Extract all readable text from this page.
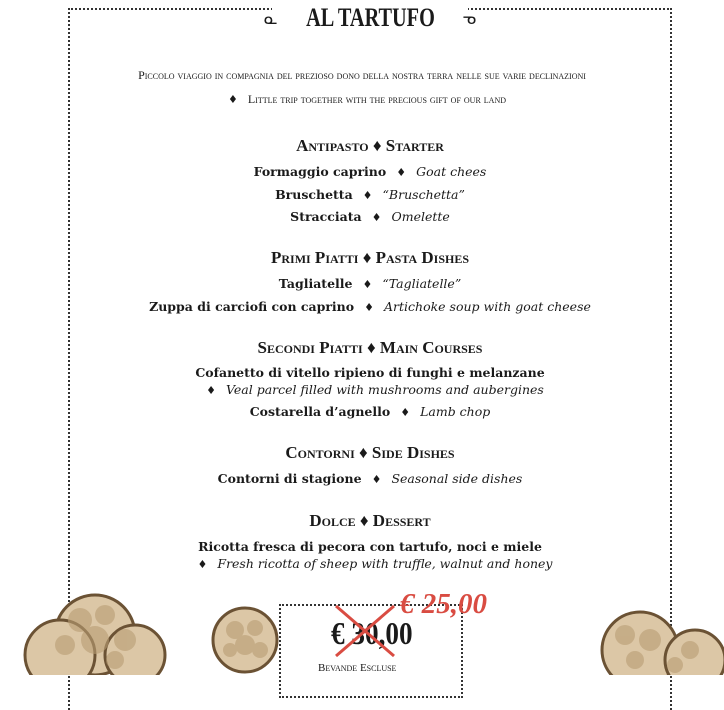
ᓇ AL TARTUFO ᓀ
Piccolo viaggio in compagnia del prezioso dono della nostra terra nelle sue varie declinazioni
♦ Little trip together with the precious gift of our land
Antipasto ♦ Starter
Formaggio caprino ♦ Goat chees
Bruschetta ♦ “Bruschetta”
Stracciata ♦ Omelette
Primi Piatti ♦ Pasta Dishes
Tagliatelle ♦ “Tagliatelle”
Zuppa di carciofi con caprino ♦ Artichoke soup with goat cheese
Secondi Piatti ♦ Main Courses
Cofanetto di vitello ripieno di funghi e melanzane
♦ Veal parcel filled with mushrooms and aubergines
Costarella d’agnello ♦ Lamb chop
Contorni ♦ Side Dishes
Contorni di stagione ♦ Seasonal side dishes
Dolce ♦ Dessert
Ricotta fresca di pecora con tartufo, noci e miele
♦ Fresh ricotta of sheep with truffle, walnut and honey
€ 30,00
€ 25,00
Bevande Escluse
